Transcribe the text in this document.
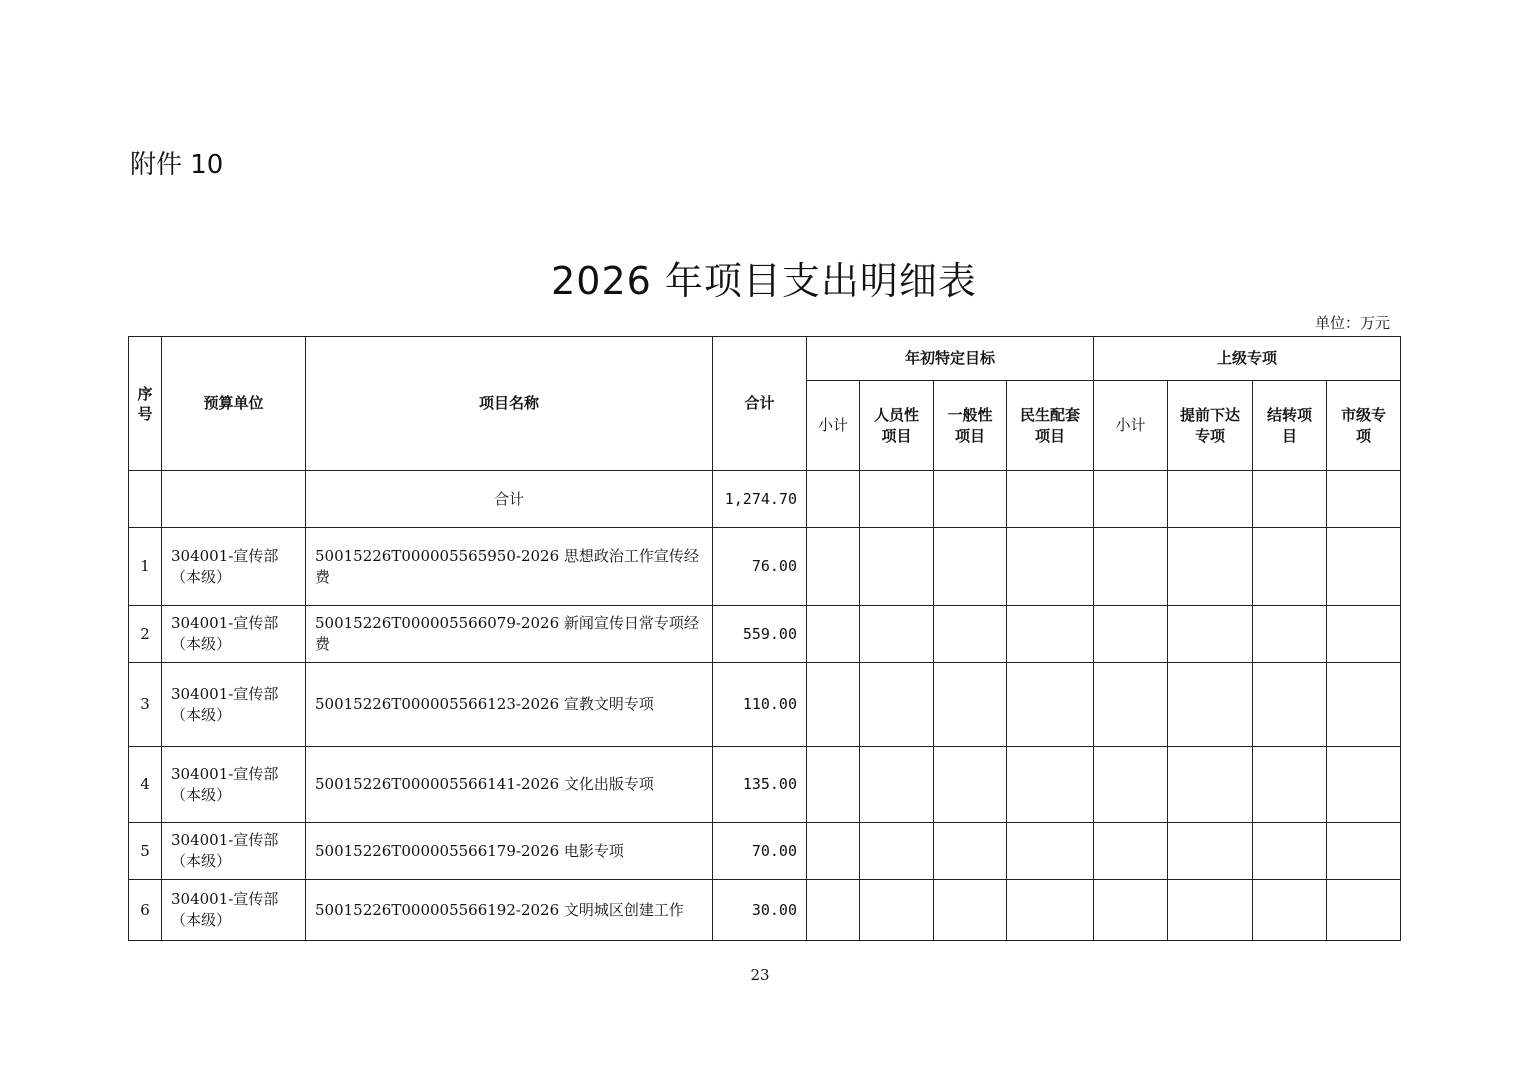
附件 10
2026 年项目支出明细表
单位：万元
序号	预算单位	项目名称	合计	年初特定目标				上级专项			
				小计	人员性项目	一般性项目	民生配套项目	小计	提前下达专项	结转项目	市级专项
		合计	1,274.70								
1	304001-宣传部（本级）	50015226T000005565950-2026 思想政治工作宣传经费	76.00								
2	304001-宣传部（本级）	50015226T000005566079-2026 新闻宣传日常专项经费	559.00								
3	304001-宣传部（本级）	50015226T000005566123-2026 宣教文明专项	110.00								
4	304001-宣传部（本级）	50015226T000005566141-2026 文化出版专项	135.00								
5	304001-宣传部（本级）	50015226T000005566179-2026 电影专项	70.00								
6	304001-宣传部（本级）	50015226T000005566192-2026 文明城区创建工作	30.00								
23
